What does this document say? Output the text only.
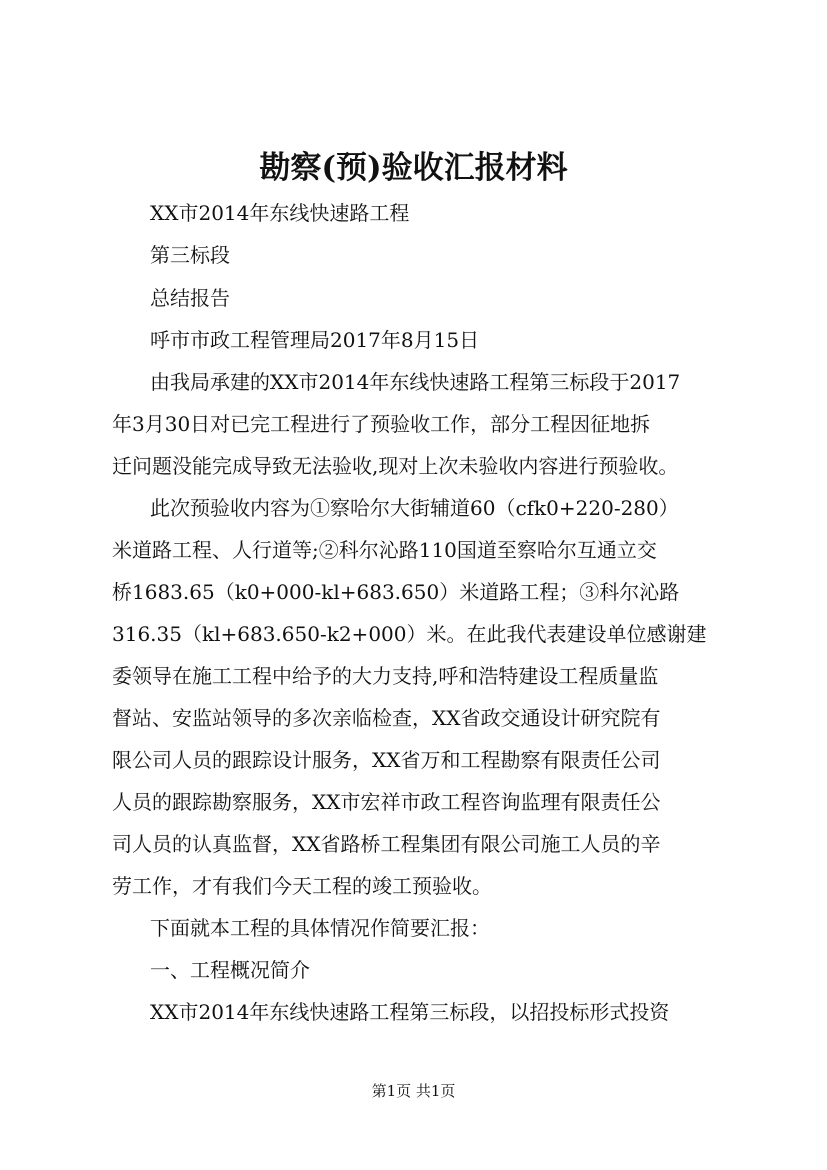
勘察(预)验收汇报材料

XX市2014年东线快速路工程

第三标段

总结报告

呼市市政工程管理局2017年8月15日

由我局承建的XX市2014年东线快速路工程第三标段于2017

年3月30日对已完工程进行了预验收工作，部分工程因征地拆

迁问题没能完成导致无法验收,现对上次未验收内容进行预验收。

此次预验收内容为①察哈尔大街辅道60（cfk0+220-280）

米道路工程、人行道等;②科尔沁路110国道至察哈尔互通立交

桥1683.65（k0+000-kl+683.650）米道路工程；③科尔沁路

316.35（kl+683.650-k2+000）米。在此我代表建设单位感谢建

委领导在施工工程中给予的大力支持,呼和浩特建设工程质量监

督站、安监站领导的多次亲临检查，XX省政交通设计研究院有

限公司人员的跟踪设计服务，XX省万和工程勘察有限责任公司

人员的跟踪勘察服务，XX市宏祥市政工程咨询监理有限责任公

司人员的认真监督，XX省路桥工程集团有限公司施工人员的辛

劳工作，才有我们今天工程的竣工预验收。

下面就本工程的具体情况作简要汇报：

一、工程概况简介

XX市2014年东线快速路工程第三标段，以招投标形式投资

第1页 共1页
